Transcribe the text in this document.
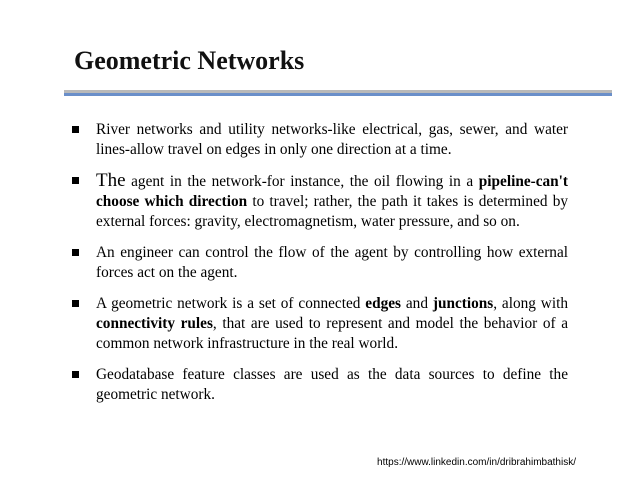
Geometric Networks
River networks and utility networks-like electrical, gas, sewer, and water lines-allow travel on edges in only one direction at a time.
The agent in the network-for instance, the oil flowing in a pipeline-can't choose which direction to travel; rather, the path it takes is determined by external forces: gravity, electromagnetism, water pressure, and so on.
An engineer can control the flow of the agent by controlling how external forces act on the agent.
A geometric network is a set of connected edges and junctions, along with connectivity rules, that are used to represent and model the behavior of a common network infrastructure in the real world.
Geodatabase feature classes are used as the data sources to define the geometric network.
https://www.linkedin.com/in/dribrahimbathisk/
